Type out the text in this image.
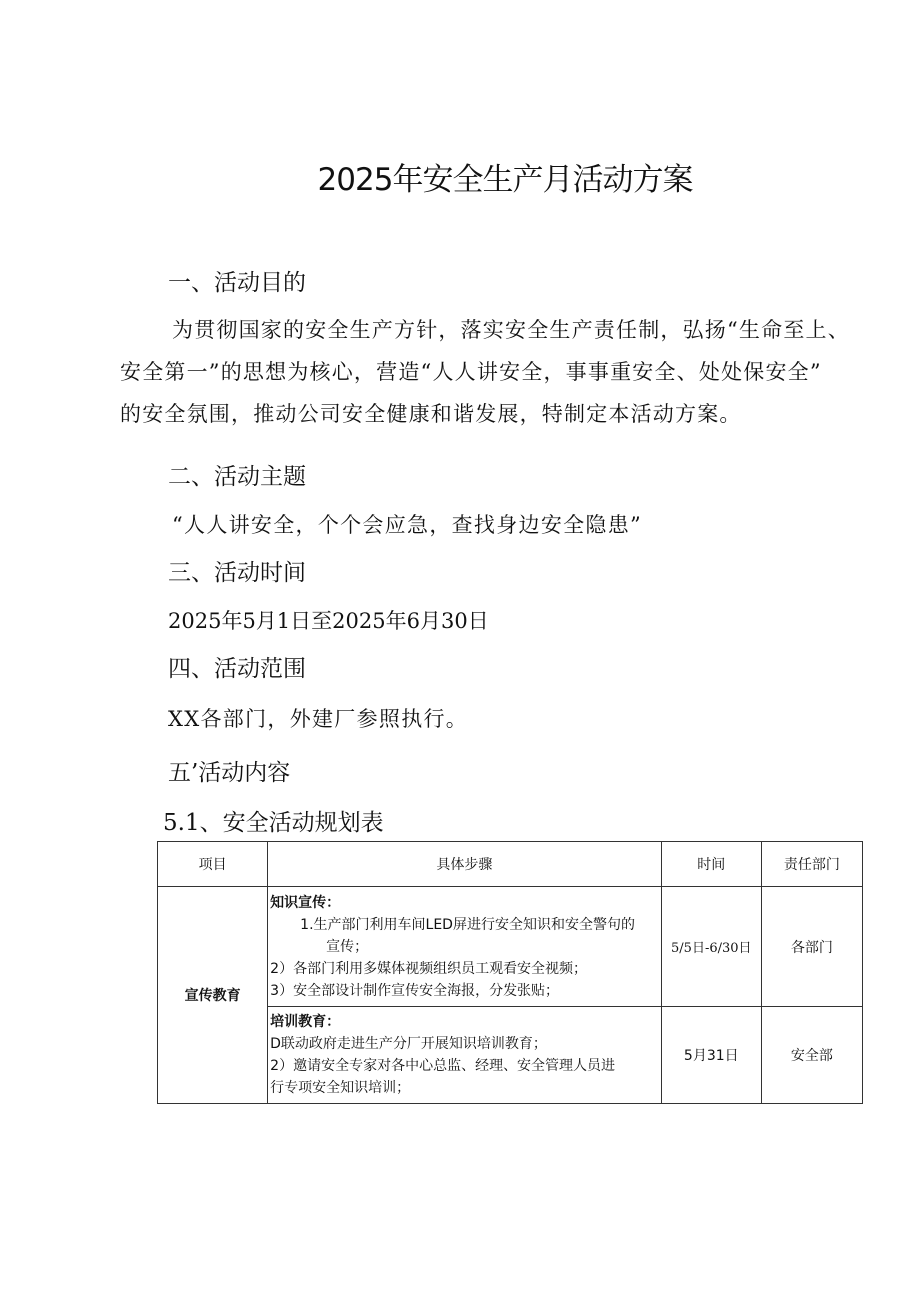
2025年安全生产月活动方案
一、活动目的
为贯彻国家的安全生产方针，落实安全生产责任制，弘扬“生命至上、
安全第一”的思想为核心，营造“人人讲安全，事事重安全、处处保安全”
的安全氛围，推动公司安全健康和谐发展，特制定本活动方案。
二、活动主题
“人人讲安全，个个会应急，查找身边安全隐患”
三、活动时间
2025年5月1日至2025年6月30日
四、活动范围
XX各部门，外建厂参照执行。
五’活动内容
5.1、安全活动规划表
项目	具体步骤	时间	责任部门
宣传教育	知识宣传：
1.生产部门利用车间LED屏进行安全知识和安全警句的
宣传；
2）各部门利用多媒体视频组织员工观看安全视频；
3）安全部设计制作宣传安全海报，分发张贴；	5/5日-6/30日	各部门

	培训教育：
D联动政府走进生产分厂开展知识培训教育；
2）邀请安全专家对各中心总监、经理、安全管理人员进
行专项安全知识培训；	5月31日	安全部
